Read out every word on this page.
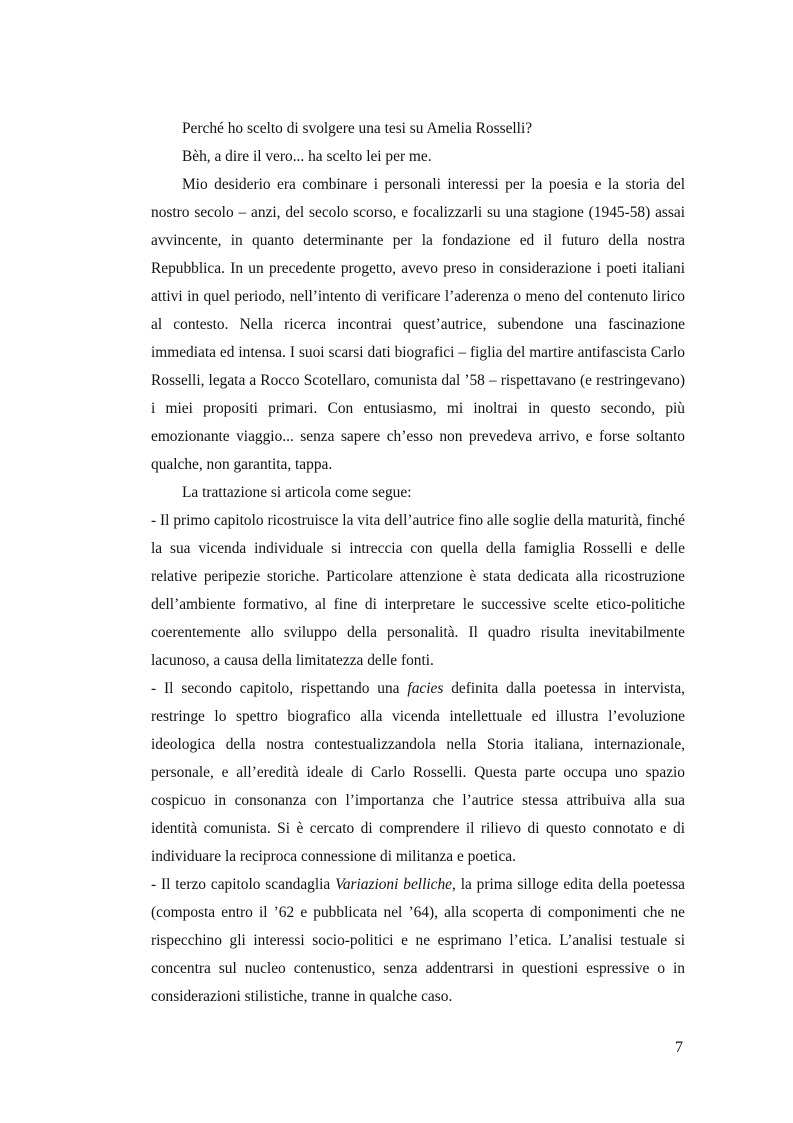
Perché ho scelto di svolgere una tesi su Amelia Rosselli?

Bèh, a dire il vero... ha scelto lei per me.

Mio desiderio era combinare i personali interessi per la poesia e la storia del nostro secolo – anzi, del secolo scorso, e focalizzarli su una stagione (1945-58) assai avvincente, in quanto determinante per la fondazione ed il futuro della nostra Repubblica. In un precedente progetto, avevo preso in considerazione i poeti italiani attivi in quel periodo, nell’intento di verificare l’aderenza o meno del contenuto lirico al contesto. Nella ricerca incontrai quest’autrice, subendone una fascinazione immediata ed intensa. I suoi scarsi dati biografici – figlia del martire antifascista Carlo Rosselli, legata a Rocco Scotellaro, comunista dal ’58 – rispettavano (e restringevano) i miei propositi primari. Con entusiasmo, mi inoltrai in questo secondo, più emozionante viaggio... senza sapere ch’esso non prevedeva arrivo, e forse soltanto qualche, non garantita, tappa.

La trattazione si articola come segue:

- Il primo capitolo ricostruisce la vita dell’autrice fino alle soglie della maturità, finché la sua vicenda individuale si intreccia con quella della famiglia Rosselli e delle relative peripezie storiche. Particolare attenzione è stata dedicata alla ricostruzione dell’ambiente formativo, al fine di interpretare le successive scelte etico-politiche coerentemente allo sviluppo della personalità. Il quadro risulta inevitabilmente lacunoso, a causa della limitatezza delle fonti.

- Il secondo capitolo, rispettando una facies definita dalla poetessa in intervista, restringe lo spettro biografico alla vicenda intellettuale ed illustra l’evoluzione ideologica della nostra contestualizzandola nella Storia italiana, internazionale, personale, e all’eredità ideale di Carlo Rosselli. Questa parte occupa uno spazio cospicuo in consonanza con l’importanza che l’autrice stessa attribuiva alla sua identità comunista. Si è cercato di comprendere il rilievo di questo connotato e di individuare la reciproca connessione di militanza e poetica.

- Il terzo capitolo scandaglia Variazioni belliche, la prima silloge edita della poetessa (composta entro il ’62 e pubblicata nel ’64), alla scoperta di componimenti che ne rispecchino gli interessi socio-politici e ne esprimano l’etica. L’analisi testuale si concentra sul nucleo contenustico, senza addentrarsi in questioni espressive o in considerazioni stilistiche, tranne in qualche caso.

7
